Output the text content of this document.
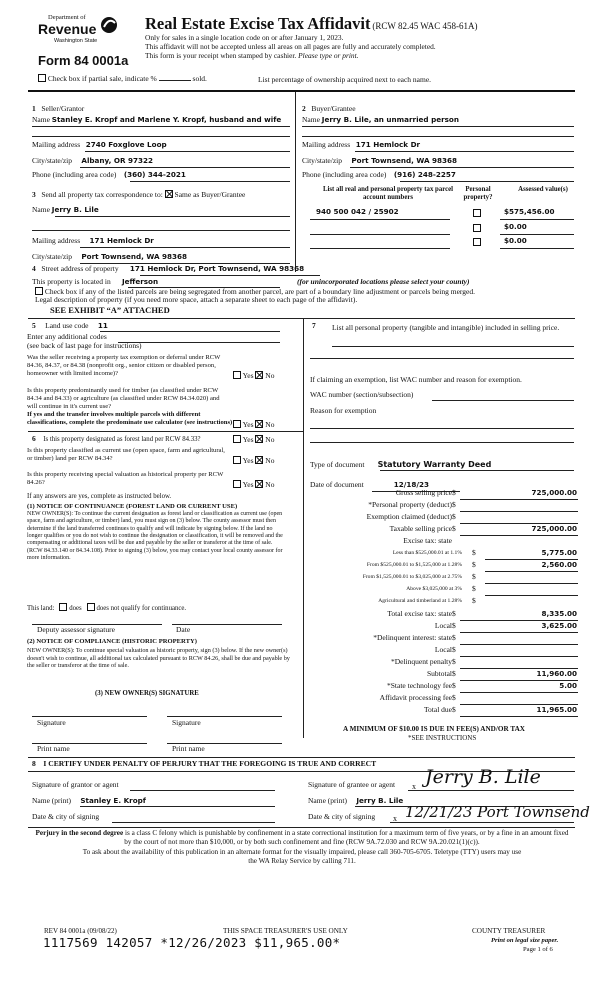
Department of
Revenue
Washington State
Form 84 0001a
Real Estate Excise Tax Affidavit (RCW 82.45 WAC 458-61A)
Only for sales in a single location code on or after January 1, 2023.
This affidavit will not be accepted unless all areas on all pages are fully and accurately completed.
This form is your receipt when stamped by cashier. Please type or print.
Check box if partial sale, indicate %	sold.	List percentage of ownership acquired next to each name.
1 Seller/Grantor
Name Stanley E. Kropf and Marlene Y. Kropf, husband and wife
Mailing address 2740 Foxglove Loop
City/state/zip Albany, OR 97322
Phone (including area code) (360) 344-2021
2 Buyer/Grantee
Name Jerry B. Lile, an unmarried person
Mailing address 171 Hemlock Dr
City/state/zip Port Townsend, WA 98368
Phone (including area code) (916) 248-2257
3 Send all property tax correspondence to: Same as Buyer/Grantee
Name Jerry B. Lile
Mailing address 171 Hemlock Dr
City/state/zip Port Townsend, WA 98368
List all real and personal property tax parcel account numbers
Personal property?
Assessed value(s)
940 500 042 / 25902	$575,456.00
$0.00
$0.00
4 Street address of property 171 Hemlock Dr, Port Townsend, WA 98368
This property is located in Jefferson	(for unincorporated locations please select your county)
Check box if any of the listed parcels are being segregated from another parcel, are part of a boundary line adjustment or parcels being merged.
Legal description of property (if you need more space, attach a separate sheet to each page of the affidavit).
SEE EXHIBIT “A” ATTACHED
5 Land use code 11
Enter any additional codes
(see back of last page for instructions)
Was the seller receiving a property tax exemption or deferral under RCW 84.36, 84.37, or 84.38 (nonprofit org., senior citizen or disabled person, homeowner with limited income)?	Yes No
Is this property predominantly used for timber (as classified under RCW 84.34 and 84.33) or agriculture (as classified under RCW 84.34.020) and will continue in it's current use?
If yes and the transfer involves multiple parcels with different classifications, complete the predominate use calculator (see instructions)	Yes No
6 Is this property designated as forest land per RCW 84.33?	Yes No
Is this property classified as current use (open space, farm and agricultural, or timber) land per RCW 84.34?	Yes No
Is this property receiving special valuation as historical property per RCW 84.26?	Yes No
If any answers are yes, complete as instructed below.
(1) NOTICE OF CONTINUANCE (FOREST LAND OR CURRENT USE)
NEW OWNER(S): To continue the current designation as forest land or classification as current use (open space, farm and agriculture, or timber) land, you must sign on (3) below. The county assessor must then determine if the land transferred continues to qualify and will indicate by signing below. If the land no longer qualifies or you do not wish to continue the designation or classification, it will be removed and the compensating or additional taxes will be due and payable by the seller or transferor at the time of sale. (RCW 84.33.140 or 84.34.108). Prior to signing (3) below, you may contact your local county assessor for more information.
This land: does does not qualify for continuance.
Deputy assessor signature	Date
(2) NOTICE OF COMPLIANCE (HISTORIC PROPERTY)
NEW OWNER(S): To continue special valuation as historic property, sign (3) below. If the new owner(s) doesn't wish to continue, all additional tax calculated pursuant to RCW 84.26, shall be due and payable by the seller or transferor at the time of sale.
(3) NEW OWNER(S) SIGNATURE
Signature	Signature
Print name	Print name
7	List all personal property (tangible and intangible) included in selling price.
If claiming an exemption, list WAC number and reason for exemption.
WAC number (section/subsection)
Reason for exemption
Type of document Statutory Warranty Deed
Date of document	12/18/23
Gross selling price $	725,000.00
*Personal property (deduct) $
Exemption claimed (deduct) $
Taxable selling price $	725,000.00
Excise tax: state
Less than $525,000.01 at 1.1% $	5,775.00
From $525,000.01 to $1,525,000 at 1.28% $	2,560.00
From $1,525,000.01 to $3,025,000 at 2.75% $
Above $3,025,000 at 3% $
Agricultural and timberland at 1.28% $
Total excise tax: state $	8,335.00
Local $	3,625.00
*Delinquent interest: state $
Local $
*Delinquent penalty $
Subtotal $	11,960.00
*State technology fee $	5.00
Affidavit processing fee $
Total due $	11,965.00
A MINIMUM OF $10.00 IS DUE IN FEE(S) AND/OR TAX
*SEE INSTRUCTIONS
8 I CERTIFY UNDER PENALTY OF PERJURY THAT THE FOREGOING IS TRUE AND CORRECT
Signature of grantor or agent
Name (print) Stanley E. Kropf
Date & city of signing
Signature of grantee or agent x Jerry B. Lile
Name (print) Jerry B. Lile
Date & city of signing x 12/21/23 Port Townsend
Perjury in the second degree is a class C felony which is punishable by confinement in a state correctional institution for a maximum term of five years, or by a fine in an amount fixed by the court of not more than $10,000, or by both such confinement and fine (RCW 9A.72.030 and RCW 9A.20.021(1)(c)).
To ask about the availability of this publication in an alternate format for the visually impaired, please call 360-705-6705. Teletype (TTY) users may use the WA Relay Service by calling 711.
REV 84 0001a (09/08/22)	THIS SPACE TREASURER'S USE ONLY	COUNTY TREASURER
1117569 142057 *12/26/2023 $11,965.00*	Print on legal size paper.
Page 1 of 6
